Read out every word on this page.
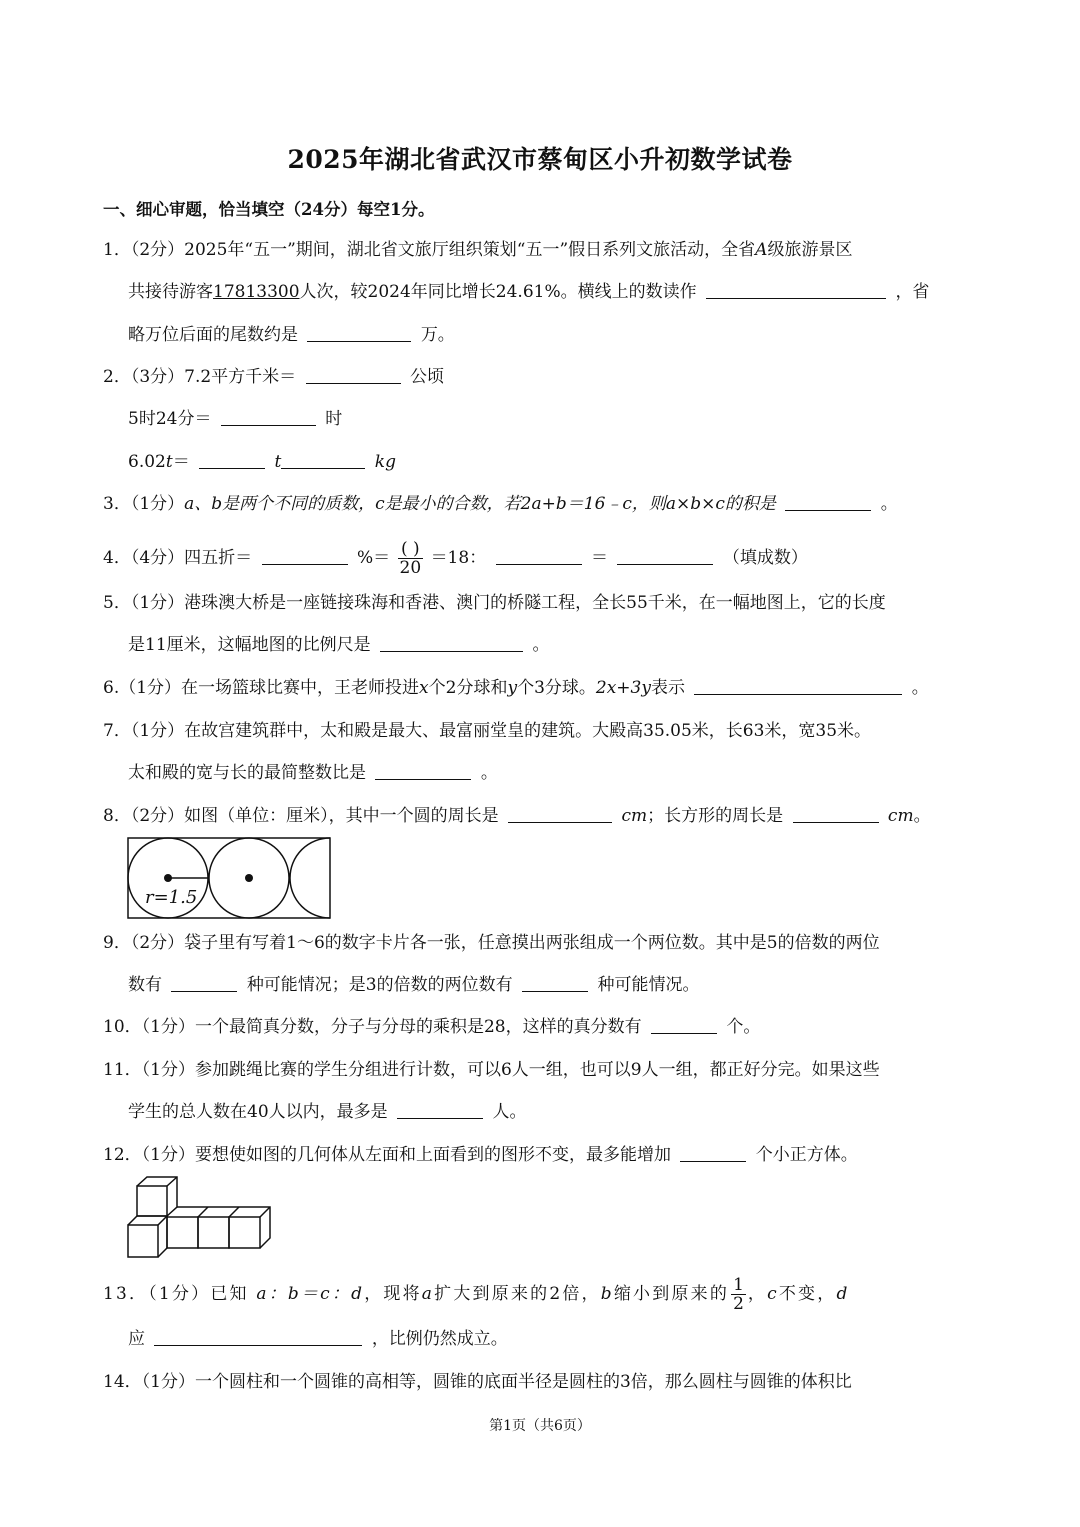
2025年湖北省武汉市蔡甸区小升初数学试卷
一、细心审题，恰当填空（24分）每空1分。
1．（2分）2025年“五一”期间，湖北省文旅厅组织策划“五一”假日系列文旅活动，全省A级旅游景区
共接待游客17813300人次，较2024年同比增长24.61%。横线上的数读作	，省
略万位后面的尾数约是	万。
2．（3分）7.2平方千米＝	公顷
5时24分＝	时
6.02t＝	t	kg
3．（1分）a、b是两个不同的质数，c是最小的合数，若2a+b＝16﹣c，则a×b×c的积是	。
4．（4分）四五折＝	%＝ $\frac{( )}{20} =18$：	＝	（填成数）
5．（1分）港珠澳大桥是一座链接珠海和香港、澳门的桥隧工程，全长55千米，在一幅地图上，它的长度
是11厘米，这幅地图的比例尺是	。
6.（1分）在一场篮球比赛中，王老师投进x个2分球和y个3分球。2x+3y表示	。
7．（1分）在故宫建筑群中，太和殿是最大、最富丽堂皇的建筑。大殿高35.05米，长63米，宽35米。
太和殿的宽与长的最简整数比是	。
8．（2分）如图（单位：厘米），其中一个圆的周长是	cm；长方形的周长是	cm。
r=1.5
9．（2分）袋子里有写着1～6的数字卡片各一张，任意摸出两张组成一个两位数。其中是5的倍数的两位
数有	种可能情况；是3的倍数的两位数有	种可能情况。
10．（1分）一个最简真分数，分子与分母的乘积是28，这样的真分数有	个。
11．（1分）参加跳绳比赛的学生分组进行计数，可以6人一组，也可以9人一组，都正好分完。如果这些
学生的总人数在40人以内，最多是	人。
12．（1分）要想使如图的几何体从左面和上面看到的图形不变，最多能增加	个小正方体。
13．（1分）已知 a：b＝c：d，现将a扩大到原来的2倍，b缩小到原来的 $\frac{1}{2}$ ，c不变，d
应	，比例仍然成立。
14．（1分）一个圆柱和一个圆锥的高相等，圆锥的底面半径是圆柱的3倍，那么圆柱与圆锥的体积比
第1页（共6页）
